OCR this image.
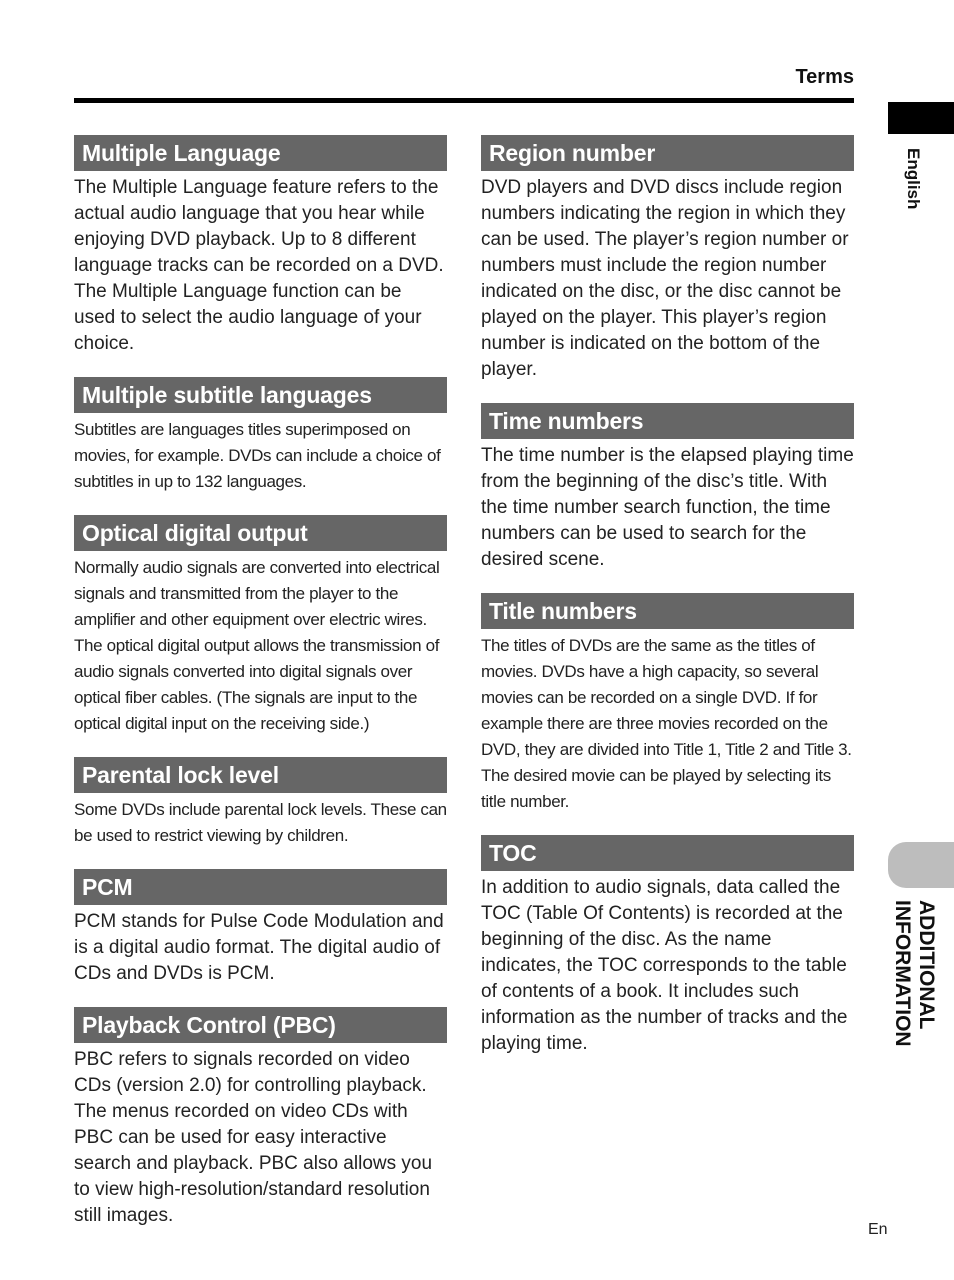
Terms
English
ADDITIONAL
INFORMATION
Multiple Language
The Multiple Language feature refers to the actual audio language that you hear while enjoying DVD playback. Up to 8 different language tracks can be recorded on a DVD. The Multiple Language function can be used to select the audio language of your choice.
Multiple subtitle languages
Subtitles are languages titles superimposed on movies, for example. DVDs can include a choice of subtitles in up to 132 languages.
Optical digital output
Normally audio signals are converted into electrical signals and transmitted from the player to the amplifier and other equipment over electric wires. The optical digital output allows the transmission of audio signals converted into digital signals over optical fiber cables. (The signals are input to the optical digital input on the receiving side.)
Parental lock level
Some DVDs include parental lock levels. These can be used to restrict viewing by children.
PCM
PCM stands for Pulse Code Modulation and is a digital audio format. The digital audio of CDs and DVDs is PCM.
Playback Control (PBC)
PBC refers to signals recorded on video CDs (version 2.0) for controlling playback. The menus recorded on video CDs with PBC can be used for easy interactive search and playback. PBC also allows you to view high-resolution/standard resolution still images.
Region number
DVD players and DVD discs include region numbers indicating the region in which they can be used. The player’s region number or numbers must include the region number indicated on the disc, or the disc cannot be played on the player. This player’s region number is indicated on the bottom of the player.
Time numbers
The time number is the elapsed playing time from the beginning of the disc’s title. With the time number search function, the time numbers can be used to search for the desired scene.
Title numbers
The titles of DVDs are the same as the titles of movies. DVDs have a high capacity, so several movies can be recorded on a single DVD. If for example there are three movies recorded on the DVD, they are divided into Title 1, Title 2 and Title 3. The desired movie can be played by selecting its title number.
TOC
In addition to audio signals, data called the TOC (Table Of Contents) is recorded at the beginning of the disc. As the name indicates, the TOC corresponds to the table of contents of a book. It includes such information as the number of tracks and the playing time.
En
